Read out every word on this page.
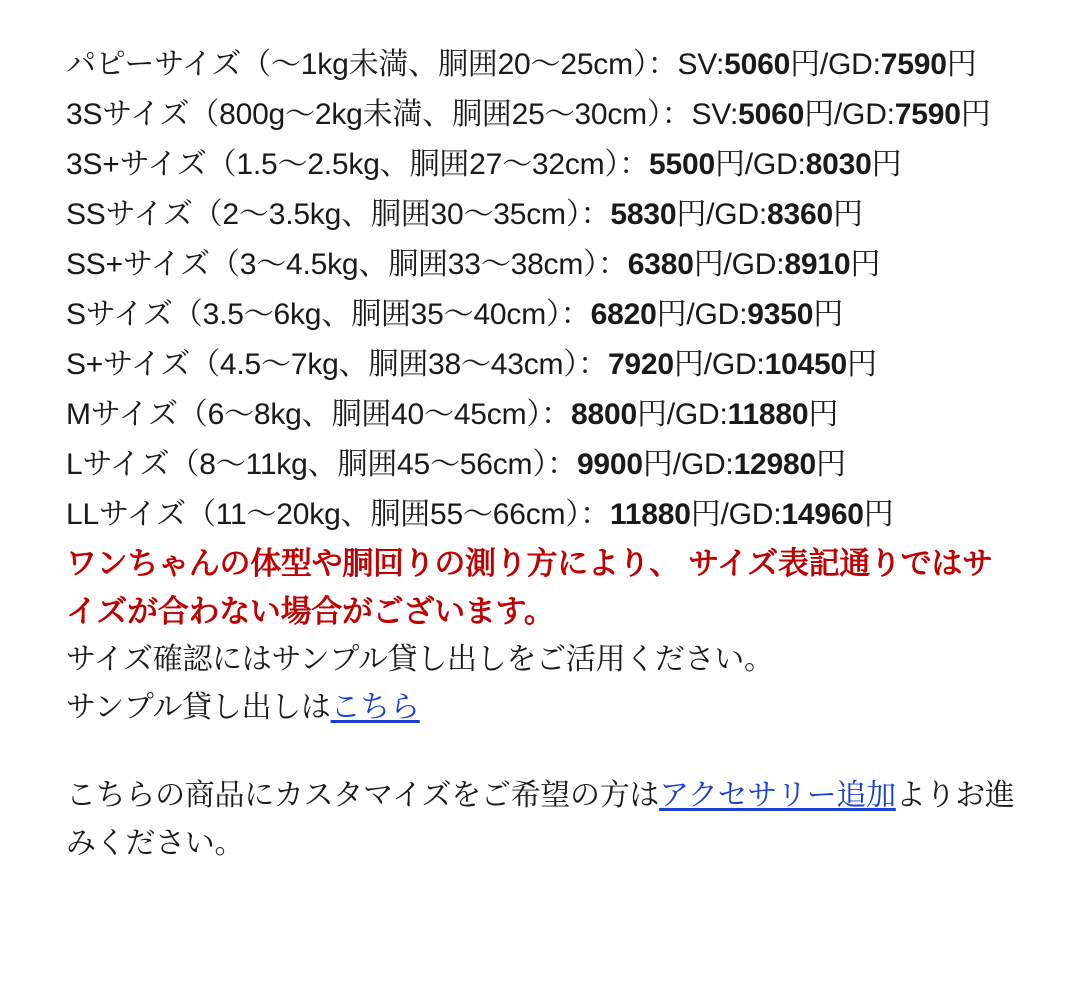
パピーサイズ（〜1kg未満、胴囲20〜25cm）：SV:5060円/GD:7590円
3Sサイズ（800g〜2kg未満、胴囲25〜30cm）：SV:5060円/GD:7590円
3S+サイズ（1.5〜2.5kg、胴囲27〜32cm）：5500円/GD:8030円
SSサイズ（2〜3.5kg、胴囲30〜35cm）：5830円/GD:8360円
SS+サイズ（3〜4.5kg、胴囲33〜38cm）：6380円/GD:8910円
Sサイズ（3.5〜6kg、胴囲35〜40cm）：6820円/GD:9350円
S+サイズ（4.5〜7kg、胴囲38〜43cm）：7920円/GD:10450円
Mサイズ（6〜8kg、胴囲40〜45cm）：8800円/GD:11880円
Lサイズ（8〜11kg、胴囲45〜56cm）：9900円/GD:12980円
LLサイズ（11〜20kg、胴囲55〜66cm）：11880円/GD:14960円

ワンちゃんの体型や胴回りの測り方により、 サイズ表記通りではサイズが合わない場合がございます。

サイズ確認にはサンプル貸し出しをご活用ください。

サンプル貸し出しはこちら

こちらの商品にカスタマイズをご希望の方はアクセサリー追加よりお進みください。
